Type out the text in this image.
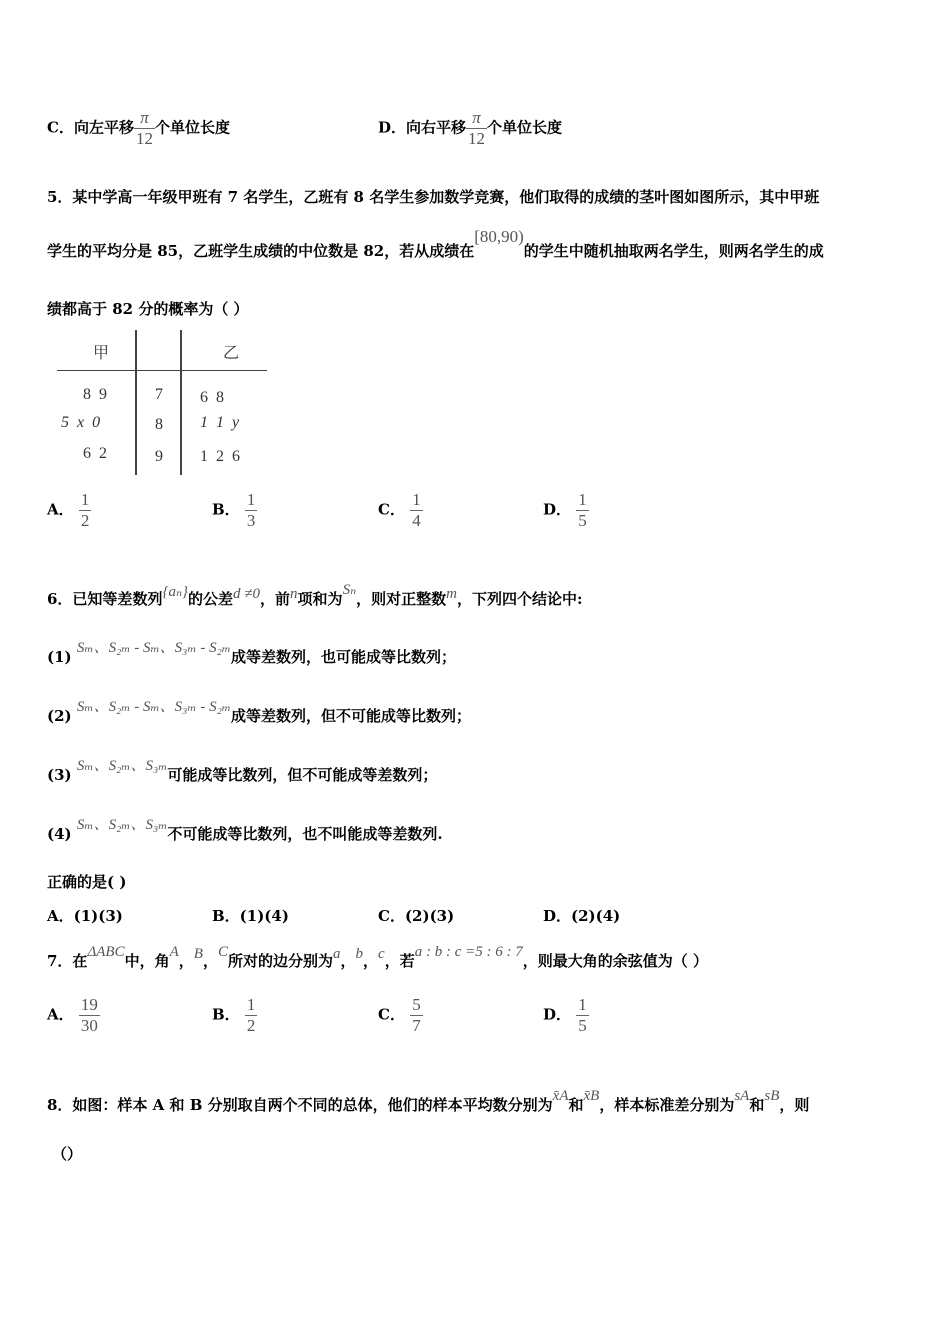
C．向左平移 $\frac{\pi}{12}$ 个单位长度	D．向右平移 $\frac{\pi}{12}$ 个单位长度
5．某中学高一年级甲班有 7 名学生，乙班有 8 名学生参加数学竞赛，他们取得的成绩的茎叶图如图所示，其中甲班
学生的平均分是 85，乙班学生成绩的中位数是 82，若从成绩在[80,90)的学生中随机抽取两名学生，则两名学生的成
绩都高于 82 分的概率为（ ）
甲	乙
8  9	7 6  8
5  x  0	8 1  1  y
6  2	9 1  2  6
A． $\frac{1}{2}$	B． $\frac{1}{3}$	C． $\frac{1}{4}$	D． $\frac{1}{5}$
6．已知等差数列{aₙ}的公差d ≠0，前n项和为Sₙ，则对正整数m，下列四个结论中:
(1) Sₘ、S₂ₘ - Sₘ、S₃ₘ - S₂ₘ成等差数列，也可能成等比数列；
(2) Sₘ、S₂ₘ - Sₘ、S₃ₘ - S₂ₘ成等差数列，但不可能成等比数列；
(3) Sₘ、S₂ₘ、S₃ₘ可能成等比数列，但不可能成等差数列；
(4) Sₘ、S₂ₘ、S₃ₘ不可能成等比数列，也不叫能成等差数列.
正确的是( )
A．(1)(3)	B．(1)(4)	C．(2)(3)	D．(2)(4)
7．在ΔABC中，角A，B，C所对的边分别为a，b，c，若a : b : c =5 : 6 : 7，则最大角的余弦值为（ ）
A． $\frac{19}{30}$	B． $\frac{1}{2}$	C． $\frac{5}{7}$	D． $\frac{1}{5}$
8．如图：样本 A 和 B 分别取自两个不同的总体，他们的样本平均数分别为x̄A和x̄B，样本标准差分别为sA和sB，则
（）
